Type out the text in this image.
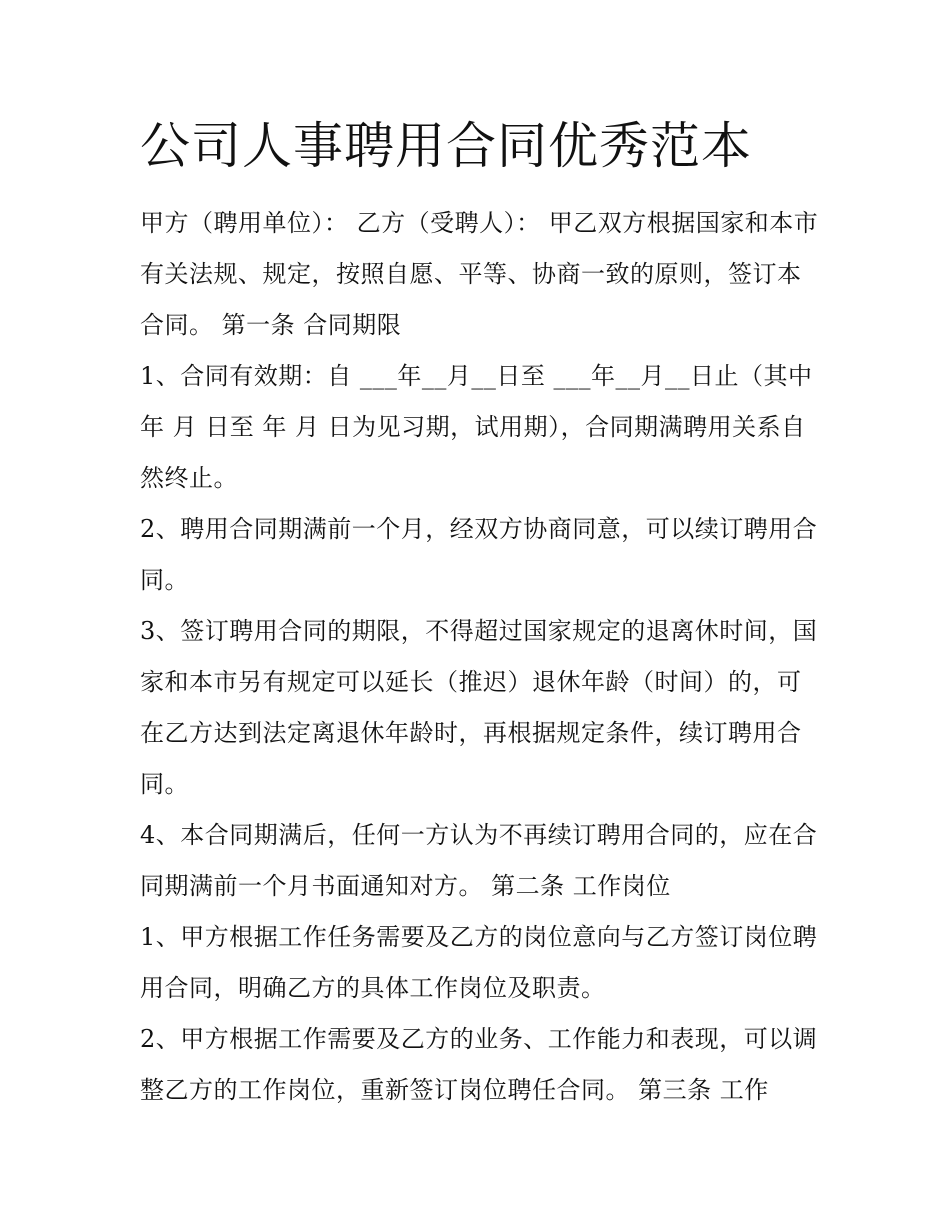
公司人事聘用合同优秀范本

甲方（聘用单位）： 乙方（受聘人）： 甲乙双方根据国家和本市有关法规、规定，按照自愿、平等、协商一致的原则，签订本合同。 第一条 合同期限

1、合同有效期：自 ___年__月__日至 ___年__月__日止（其中 年 月 日至 年 月 日为见习期，试用期），合同期满聘用关系自然终止。

2、聘用合同期满前一个月，经双方协商同意，可以续订聘用合同。

3、签订聘用合同的期限，不得超过国家规定的退离休时间，国家和本市另有规定可以延长（推迟）退休年龄（时间）的，可在乙方达到法定离退休年龄时，再根据规定条件，续订聘用合同。

4、本合同期满后，任何一方认为不再续订聘用合同的，应在合同期满前一个月书面通知对方。 第二条 工作岗位

1、甲方根据工作任务需要及乙方的岗位意向与乙方签订岗位聘用合同，明确乙方的具体工作岗位及职责。

2、甲方根据工作需要及乙方的业务、工作能力和表现，可以调整乙方的工作岗位，重新签订岗位聘任合同。 第三条 工作
